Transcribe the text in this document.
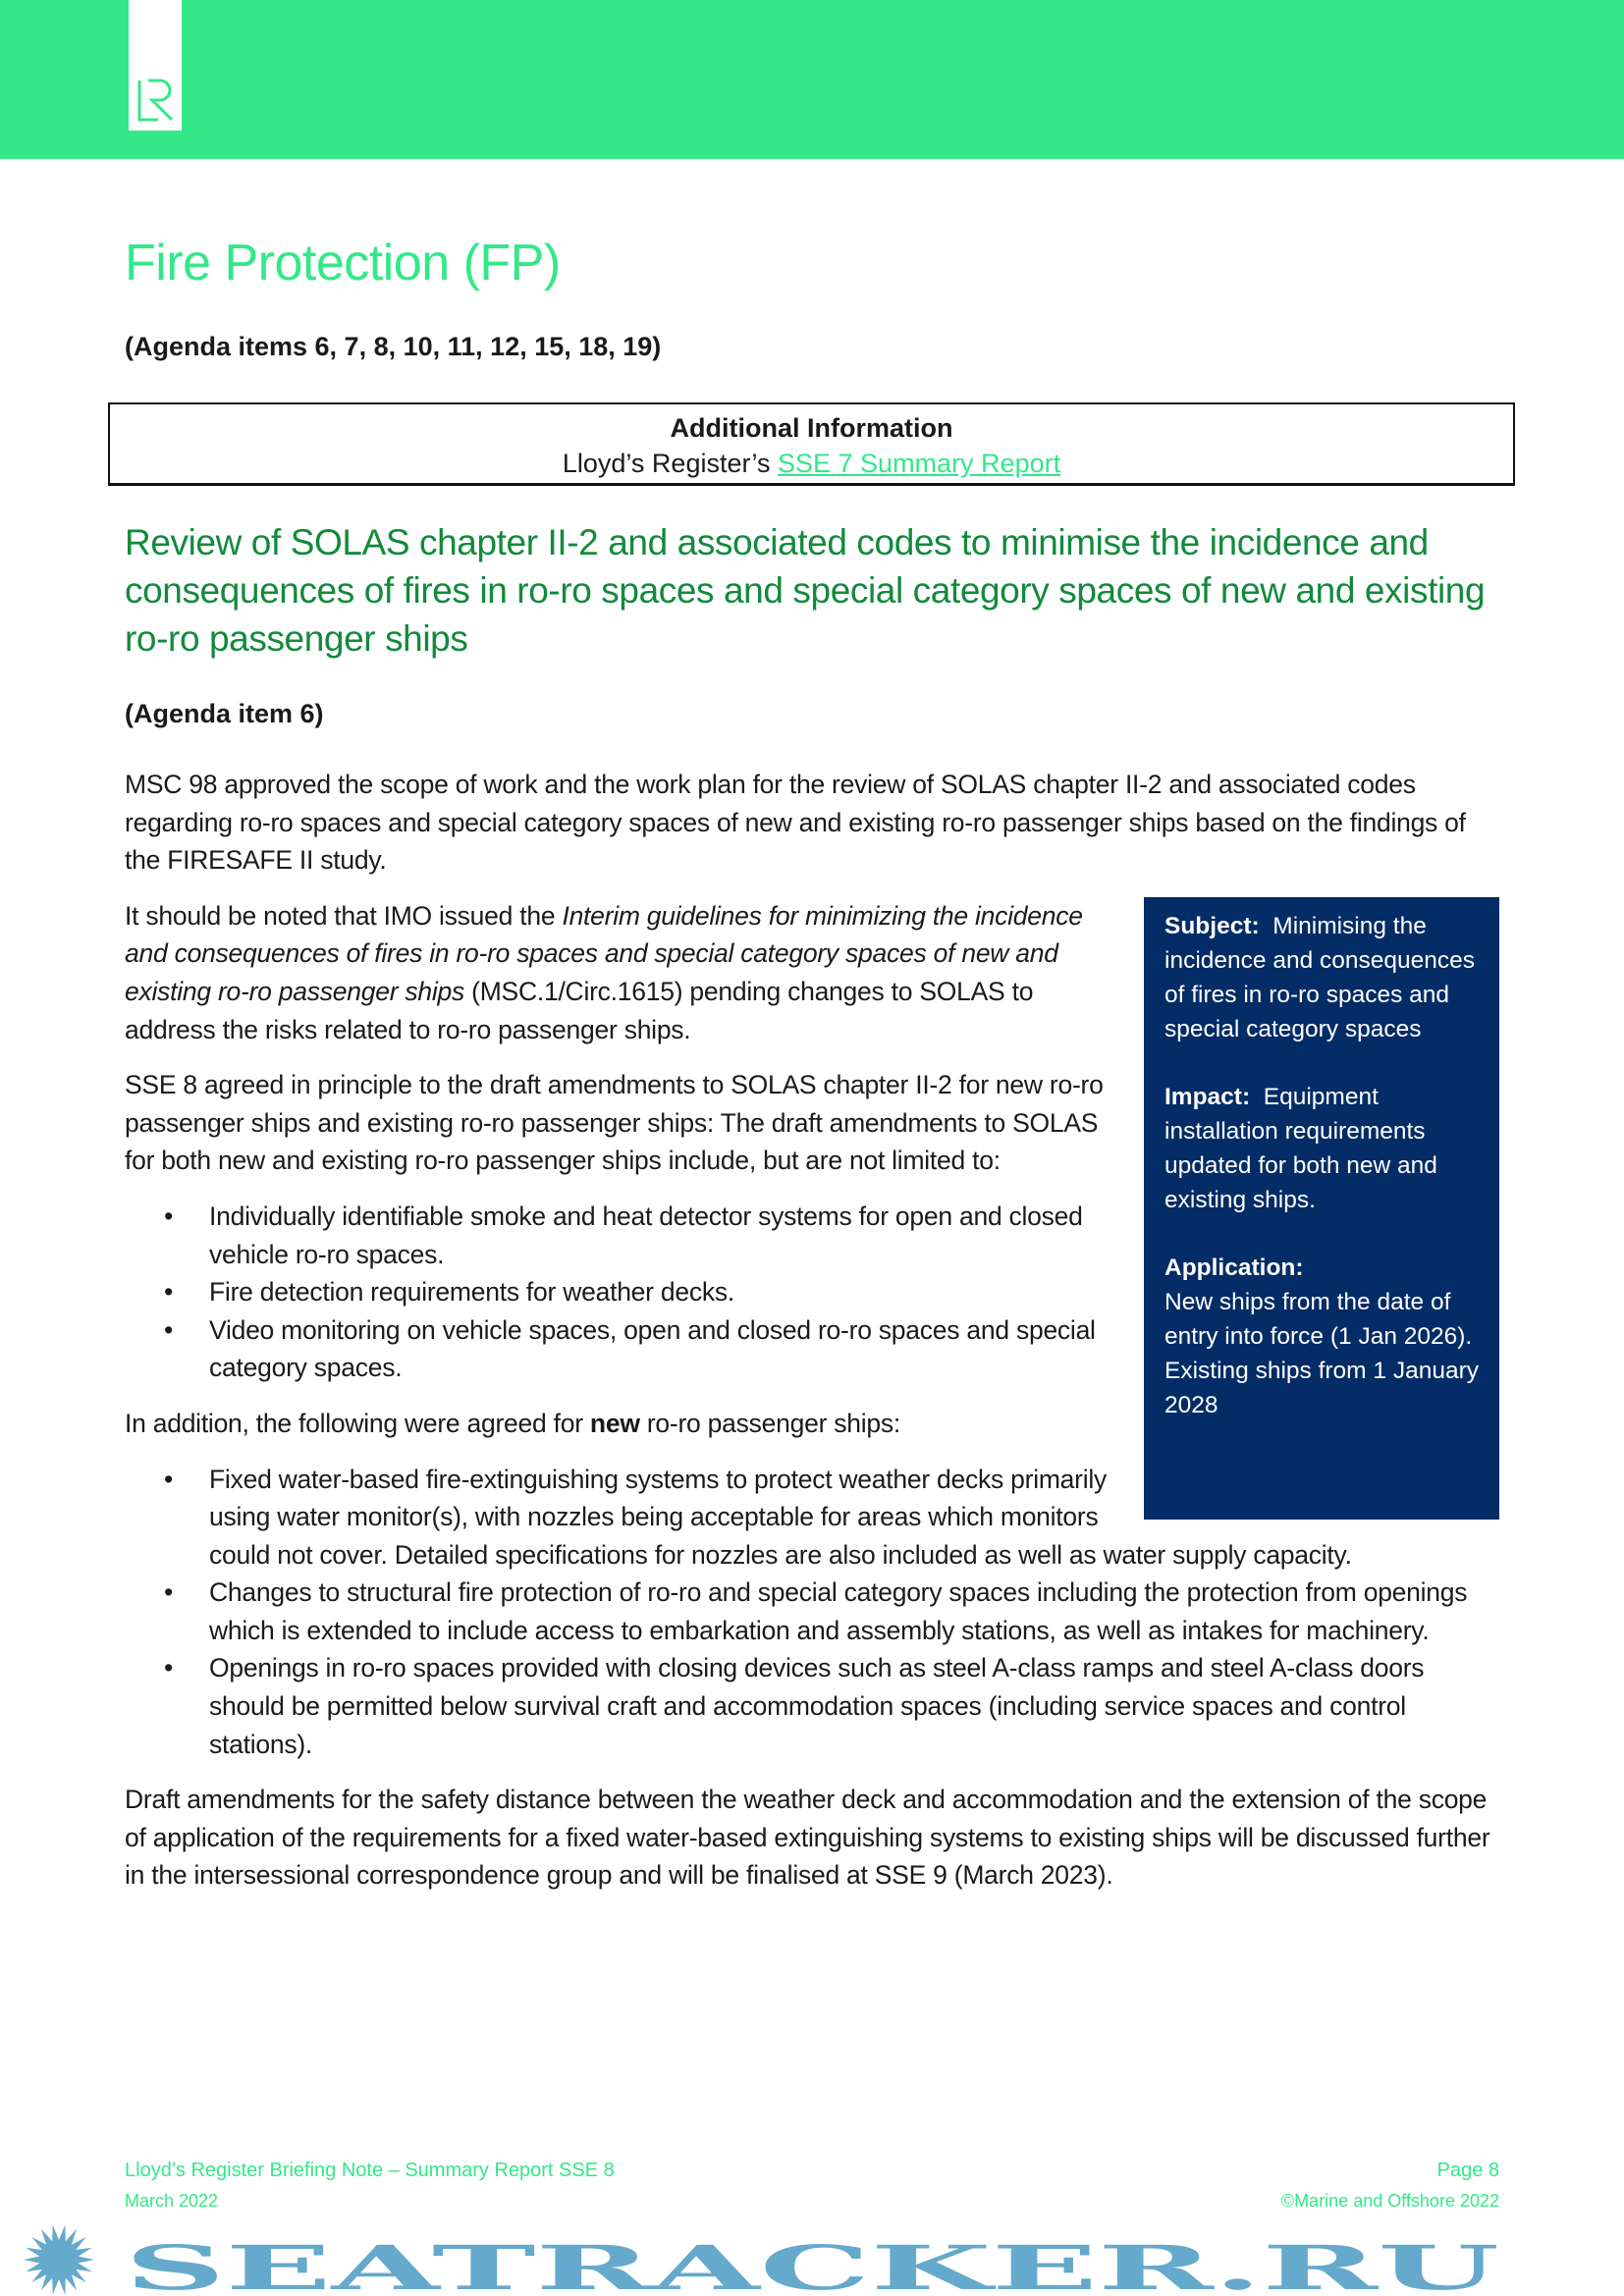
Fire Protection (FP)
(Agenda items 6, 7, 8, 10, 11, 12, 15, 18, 19)
Additional Information
Lloyd’s Register’s SSE 7 Summary Report
Review of SOLAS chapter II-2 and associated codes to minimise the incidence and consequences of fires in ro-ro spaces and special category spaces of new and existing ro-ro passenger ships
(Agenda item 6)

MSC 98 approved the scope of work and the work plan for the review of SOLAS chapter II-2 and associated codes regarding ro-ro spaces and special category spaces of new and existing ro-ro passenger ships based on the findings of the FIRESAFE II study.

Subject: Minimising the incidence and consequences of fires in ro-ro spaces and special category spaces

Impact: Equipment installation requirements updated for both new and existing ships.

Application:
New ships from the date of entry into force (1 Jan 2026).
Existing ships from 1 January 2028

It should be noted that IMO issued the Interim guidelines for minimizing the incidence and consequences of fires in ro-ro spaces and special category spaces of new and existing ro-ro passenger ships (MSC.1/Circ.1615) pending changes to SOLAS to address the risks related to ro-ro passenger ships.

SSE 8 agreed in principle to the draft amendments to SOLAS chapter II-2 for new ro-ro passenger ships and existing ro-ro passenger ships: The draft amendments to SOLAS for both new and existing ro-ro passenger ships include, but are not limited to:

• Individually identifiable smoke and heat detector systems for open and closed vehicle ro-ro spaces.
• Fire detection requirements for weather decks.
• Video monitoring on vehicle spaces, open and closed ro-ro spaces and special category spaces.

In addition, the following were agreed for new ro-ro passenger ships:

• Fixed water-based fire-extinguishing systems to protect weather decks primarily using water monitor(s), with nozzles being acceptable for areas which monitors could not cover. Detailed specifications for nozzles are also included as well as water supply capacity.
• Changes to structural fire protection of ro-ro and special category spaces including the protection from openings which is extended to include access to embarkation and assembly stations, as well as intakes for machinery.
• Openings in ro-ro spaces provided with closing devices such as steel A-class ramps and steel A-class doors should be permitted below survival craft and accommodation spaces (including service spaces and control stations).

Draft amendments for the safety distance between the weather deck and accommodation and the extension of the scope of application of the requirements for a fixed water-based extinguishing systems to existing ships will be discussed further in the intersessional correspondence group and will be finalised at SSE 9 (March 2023).

Lloyd’s Register Briefing Note – Summary Report SSE 8
March 2022
Page 8
©Marine and Offshore 2022
SEATRACKER.RU
